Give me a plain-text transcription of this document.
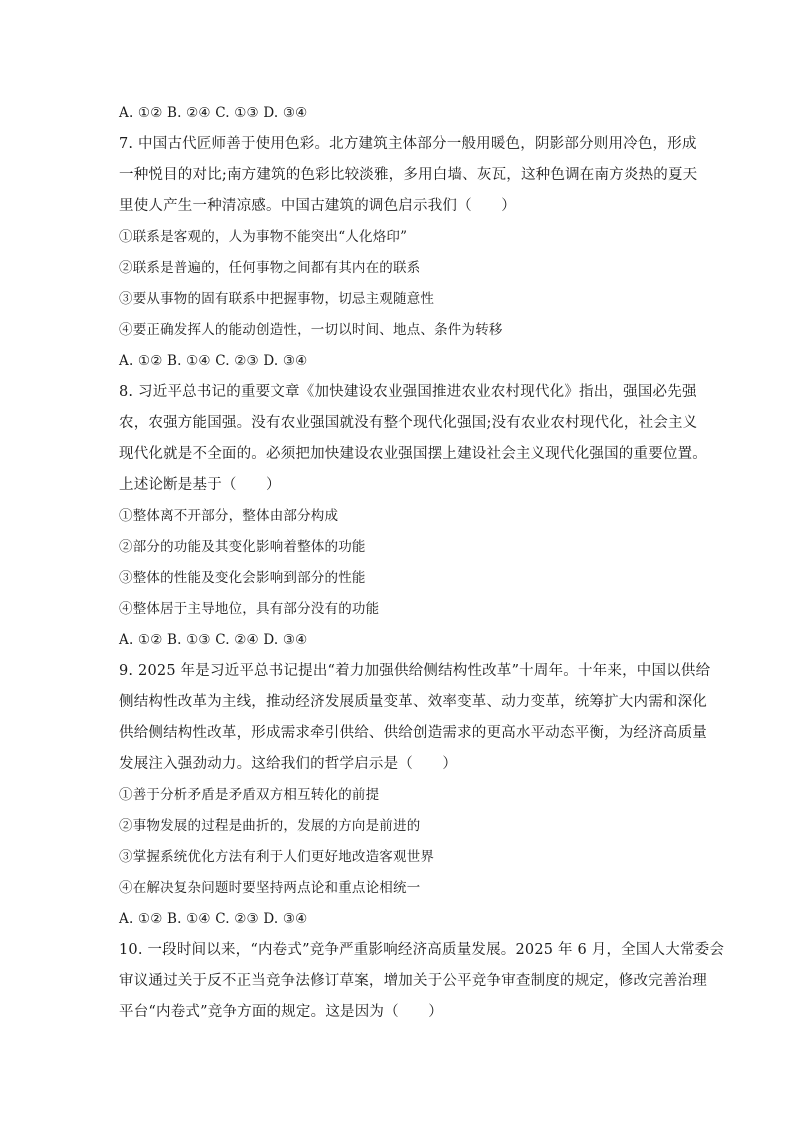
A. ①② B. ②④ C. ①③ D. ③④
7. 中国古代匠师善于使用色彩。北方建筑主体部分一般用暖色，阴影部分则用冷色，形成
一种悦目的对比;南方建筑的色彩比较淡雅，多用白墙、灰瓦，这种色调在南方炎热的夏天
里使人产生一种清凉感。中国古建筑的调色启示我们（　　）
①联系是客观的，人为事物不能突出“人化烙印”
②联系是普遍的，任何事物之间都有其内在的联系
③要从事物的固有联系中把握事物，切忌主观随意性
④要正确发挥人的能动创造性，一切以时间、地点、条件为转移
A. ①② B. ①④ C. ②③ D. ③④
8. 习近平总书记的重要文章《加快建设农业强国推进农业农村现代化》指出，强国必先强
农，农强方能国强。没有农业强国就没有整个现代化强国;没有农业农村现代化，社会主义
现代化就是不全面的。必须把加快建设农业强国摆上建设社会主义现代化强国的重要位置。
上述论断是基于（　　）
①整体离不开部分，整体由部分构成
②部分的功能及其变化影响着整体的功能
③整体的性能及变化会影响到部分的性能
④整体居于主导地位，具有部分没有的功能
A. ①② B. ①③ C. ②④ D. ③④
9. 2025 年是习近平总书记提出“着力加强供给侧结构性改革”十周年。十年来，中国以供给
侧结构性改革为主线，推动经济发展质量变革、效率变革、动力变革，统筹扩大内需和深化
供给侧结构性改革，形成需求牵引供给、供给创造需求的更高水平动态平衡，为经济高质量
发展注入强劲动力。这给我们的哲学启示是（　　）
①善于分析矛盾是矛盾双方相互转化的前提
②事物发展的过程是曲折的，发展的方向是前进的
③掌握系统优化方法有利于人们更好地改造客观世界
④在解决复杂问题时要坚持两点论和重点论相统一
A. ①② B. ①④ C. ②③ D. ③④
10. 一段时间以来，“内卷式”竞争严重影响经济高质量发展。2025 年 6 月，全国人大常委会
审议通过关于反不正当竞争法修订草案，增加关于公平竞争审查制度的规定，修改完善治理
平台“内卷式”竞争方面的规定。这是因为（　　）
